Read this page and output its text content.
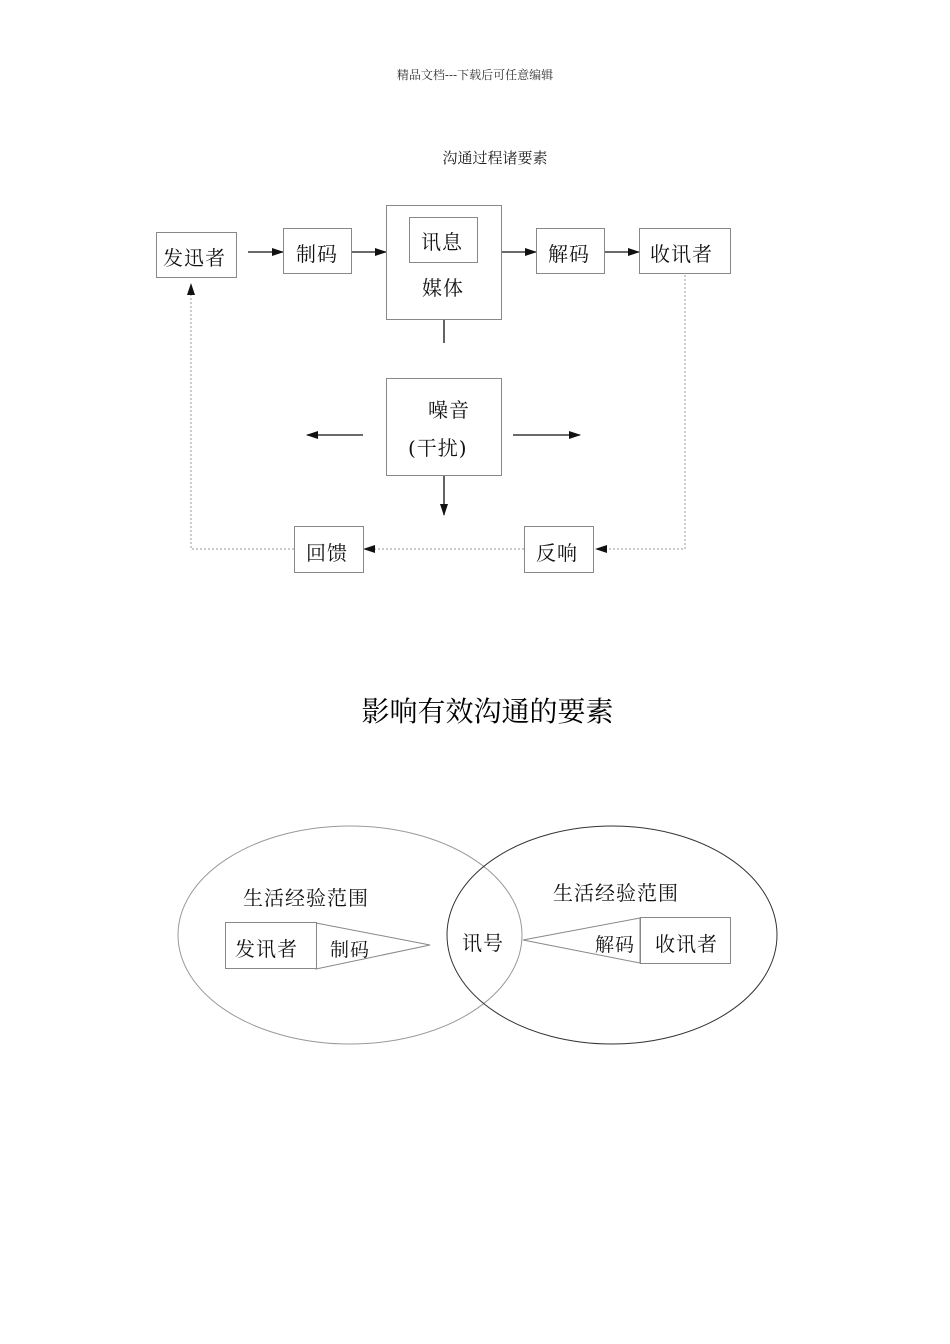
精品文档---下载后可任意编辑
沟通过程诸要素
发迅者	制码	讯息
媒体
解码	收讯者
噪音
(干扰)
回馈	反响
影响有效沟通的要素
生活经验范围	生活经验范围
发讯者 制码	讯号	解码 收讯者
